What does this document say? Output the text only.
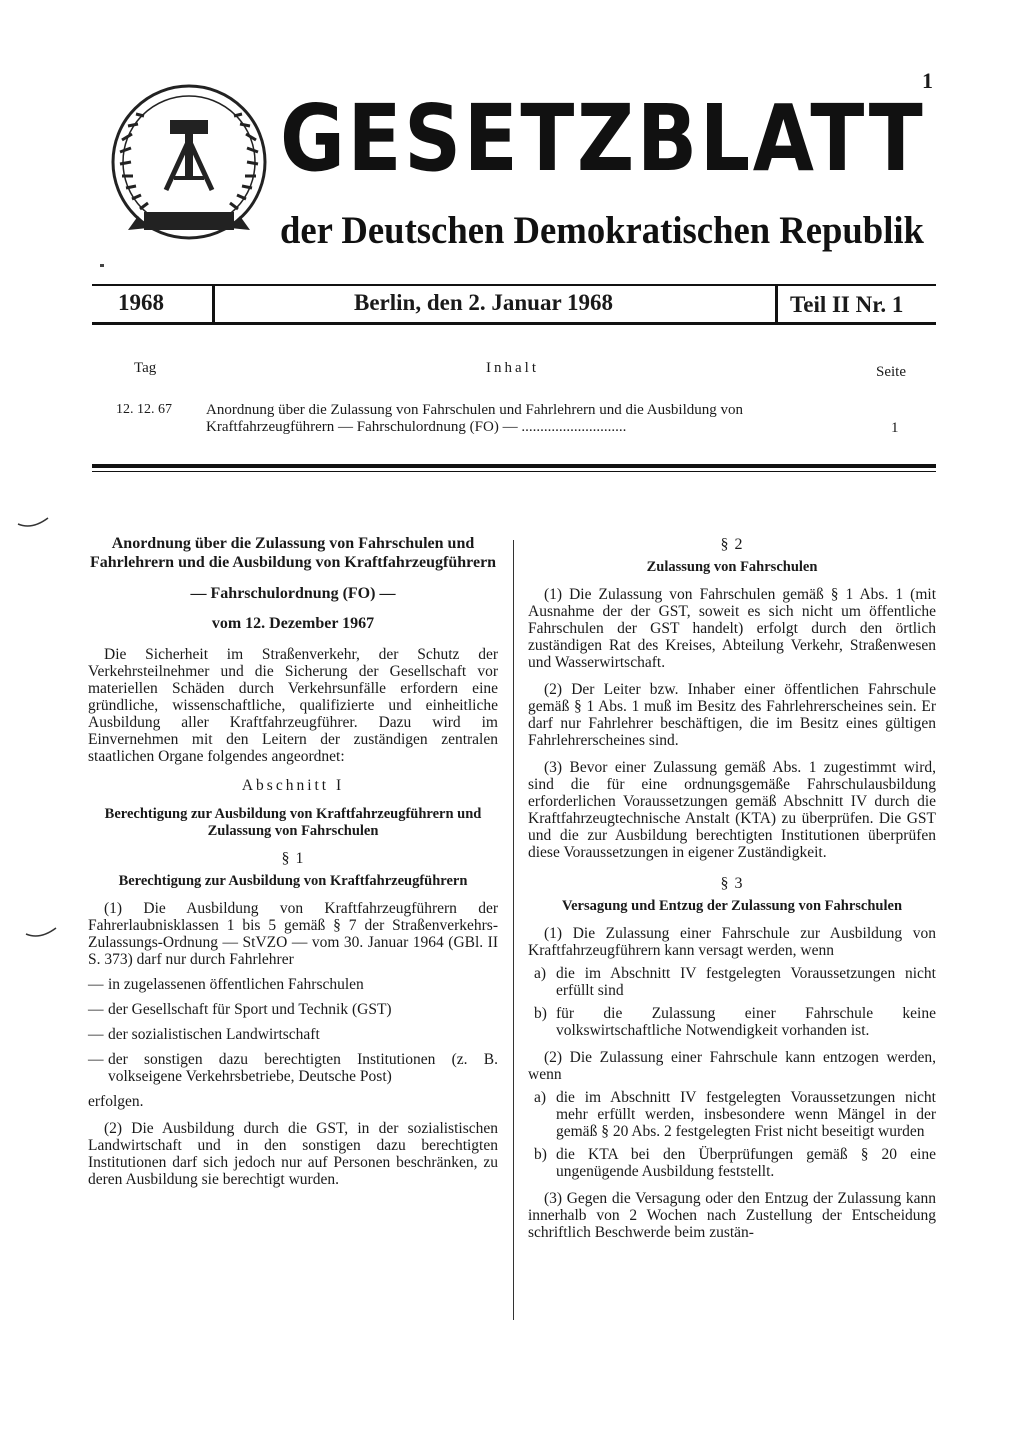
1
GESETZBLATT
der Deutschen Demokratischen Republik
1968	Berlin, den 2. Januar 1968	Teil II Nr. 1
Tag	Inhalt	Seite
12. 12. 67 Anordnung über die Zulassung von Fahrschulen und Fahrlehrern und die Ausbildung von Kraftfahrzeugführern — Fahrschulordnung (FO) — ............................	1
Anordnung über die Zulassung von Fahrschulen und Fahrlehrern und die Ausbildung von Kraftfahrzeugführern
— Fahrschulordnung (FO) —
vom 12. Dezember 1967

Die Sicherheit im Straßenverkehr, der Schutz der Verkehrsteilnehmer und die Sicherung der Gesellschaft vor materiellen Schäden durch Verkehrsunfälle erfordern eine gründliche, wissenschaftliche, qualifizierte und einheitliche Ausbildung aller Kraftfahrzeugführer. Dazu wird im Einvernehmen mit den Leitern der zuständigen zentralen staatlichen Organe folgendes angeordnet:

Abschnitt I
Berechtigung zur Ausbildung von Kraftfahrzeugführern und Zulassung von Fahrschulen
§ 1
Berechtigung zur Ausbildung von Kraftfahrzeugführern

(1) Die Ausbildung von Kraftfahrzeugführern der Fahrerlaubnisklassen 1 bis 5 gemäß § 7 der Straßenverkehrs-Zulassungs-Ordnung — StVZO — vom 30. Januar 1964 (GBl. II S. 373) darf nur durch Fahrlehrer

— in zugelassenen öffentlichen Fahrschulen
— der Gesellschaft für Sport und Technik (GST)
— der sozialistischen Landwirtschaft
— der sonstigen dazu berechtigten Institutionen (z. B. volkseigene Verkehrsbetriebe, Deutsche Post)
erfolgen.

(2) Die Ausbildung durch die GST, in der sozialistischen Landwirtschaft und in den sonstigen dazu berechtigten Institutionen darf sich jedoch nur auf Personen beschränken, zu deren Ausbildung sie berechtigt wurden.

§ 2
Zulassung von Fahrschulen

(1) Die Zulassung von Fahrschulen gemäß § 1 Abs. 1 (mit Ausnahme der der GST, soweit es sich nicht um öffentliche Fahrschulen der GST handelt) erfolgt durch den örtlich zuständigen Rat des Kreises, Abteilung Verkehr, Straßenwesen und Wasserwirtschaft.

(2) Der Leiter bzw. Inhaber einer öffentlichen Fahrschule gemäß § 1 Abs. 1 muß im Besitz des Fahrlehrerscheines sein. Er darf nur Fahrlehrer beschäftigen, die im Besitz eines gültigen Fahrlehrerscheines sind.

(3) Bevor einer Zulassung gemäß Abs. 1 zugestimmt wird, sind die für eine ordnungsgemäße Fahrschulausbildung erforderlichen Voraussetzungen gemäß Abschnitt IV durch die Kraftfahrzeugtechnische Anstalt (KTA) zu überprüfen. Die GST und die zur Ausbildung berechtigten Institutionen überprüfen diese Voraussetzungen in eigener Zuständigkeit.

§ 3
Versagung und Entzug der Zulassung von Fahrschulen

(1) Die Zulassung einer Fahrschule zur Ausbildung von Kraftfahrzeugführern kann versagt werden, wenn

a) die im Abschnitt IV festgelegten Voraussetzungen nicht erfüllt sind
b) für die Zulassung einer Fahrschule keine volkswirtschaftliche Notwendigkeit vorhanden ist.

(2) Die Zulassung einer Fahrschule kann entzogen werden, wenn

a) die im Abschnitt IV festgelegten Voraussetzungen nicht mehr erfüllt werden, insbesondere wenn Mängel in der gemäß § 20 Abs. 2 festgelegten Frist nicht beseitigt wurden
b) die KTA bei den Überprüfungen gemäß § 20 eine ungenügende Ausbildung feststellt.

(3) Gegen die Versagung oder den Entzug der Zulassung kann innerhalb von 2 Wochen nach Zustellung der Entscheidung schriftlich Beschwerde beim zustän-
